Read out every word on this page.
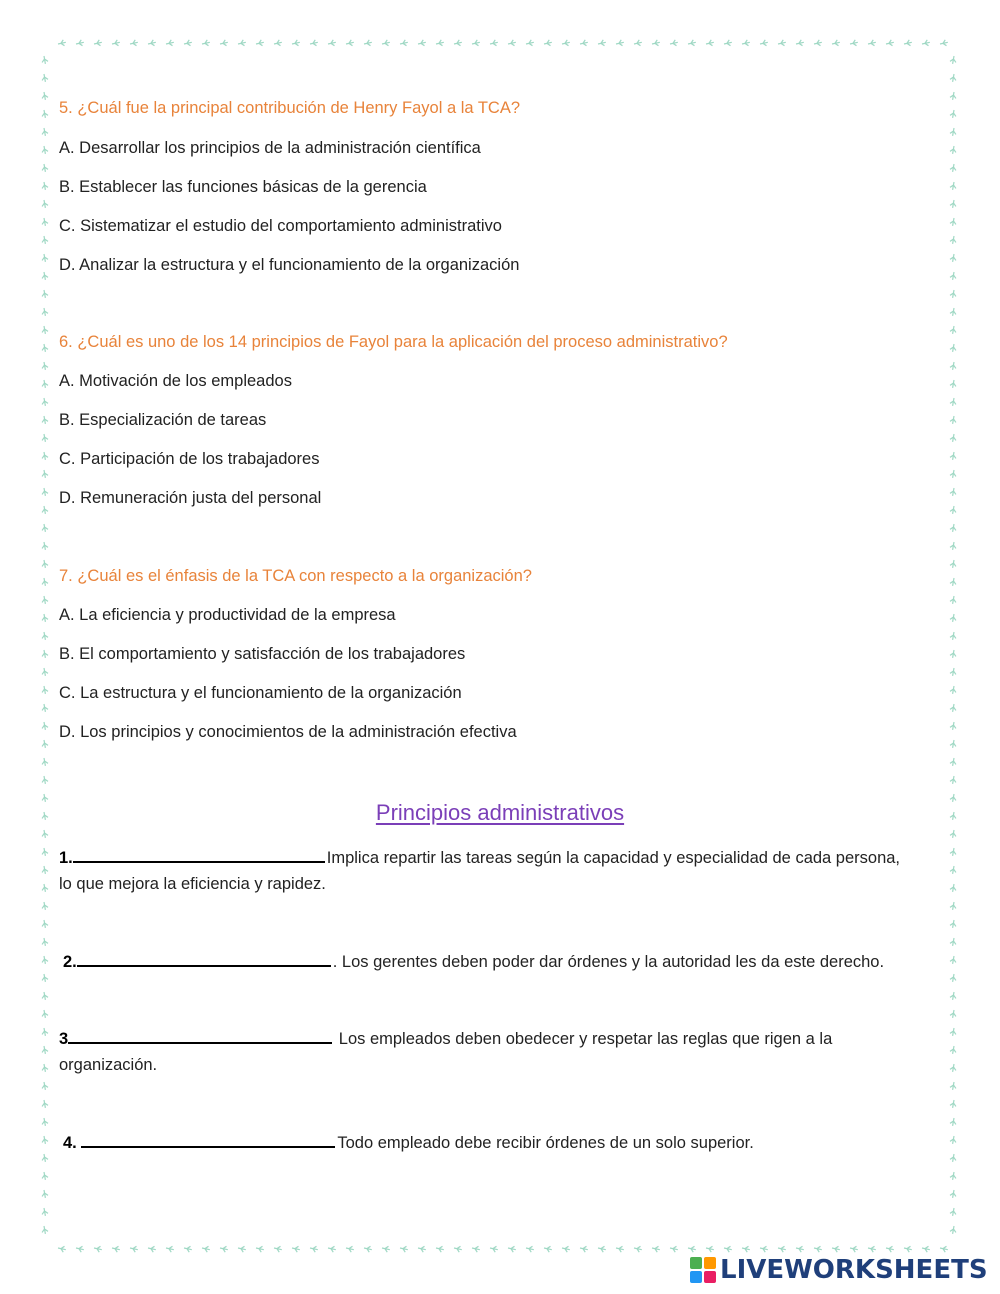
5. ¿Cuál fue la principal contribución de Henry Fayol a la TCA?

A. Desarrollar los principios de la administración científica

B. Establecer las funciones básicas de la gerencia

C. Sistematizar el estudio del comportamiento administrativo

D. Analizar la estructura y el funcionamiento de la organización

6. ¿Cuál es uno de los 14 principios de Fayol para la aplicación del proceso administrativo?

A. Motivación de los empleados

B. Especialización de tareas

C. Participación de los trabajadores

D. Remuneración justa del personal

7. ¿Cuál es el énfasis de la TCA con respecto a la organización?

A. La eficiencia y productividad de la empresa

B. El comportamiento y satisfacción de los trabajadores

C. La estructura y el funcionamiento de la organización

D. Los principios y conocimientos de la administración efectiva

Principios administrativos

1.	Implica repartir las tareas según la capacidad y especialidad de cada persona,
lo que mejora la eficiencia y rapidez.
2.	. Los gerentes deben poder dar órdenes y la autoridad les da este derecho.
3	Los empleados deben obedecer y respetar las reglas que rigen a la
organización.
4.	Todo empleado debe recibir órdenes de un solo superior.
LIVEWORKSHEETS
